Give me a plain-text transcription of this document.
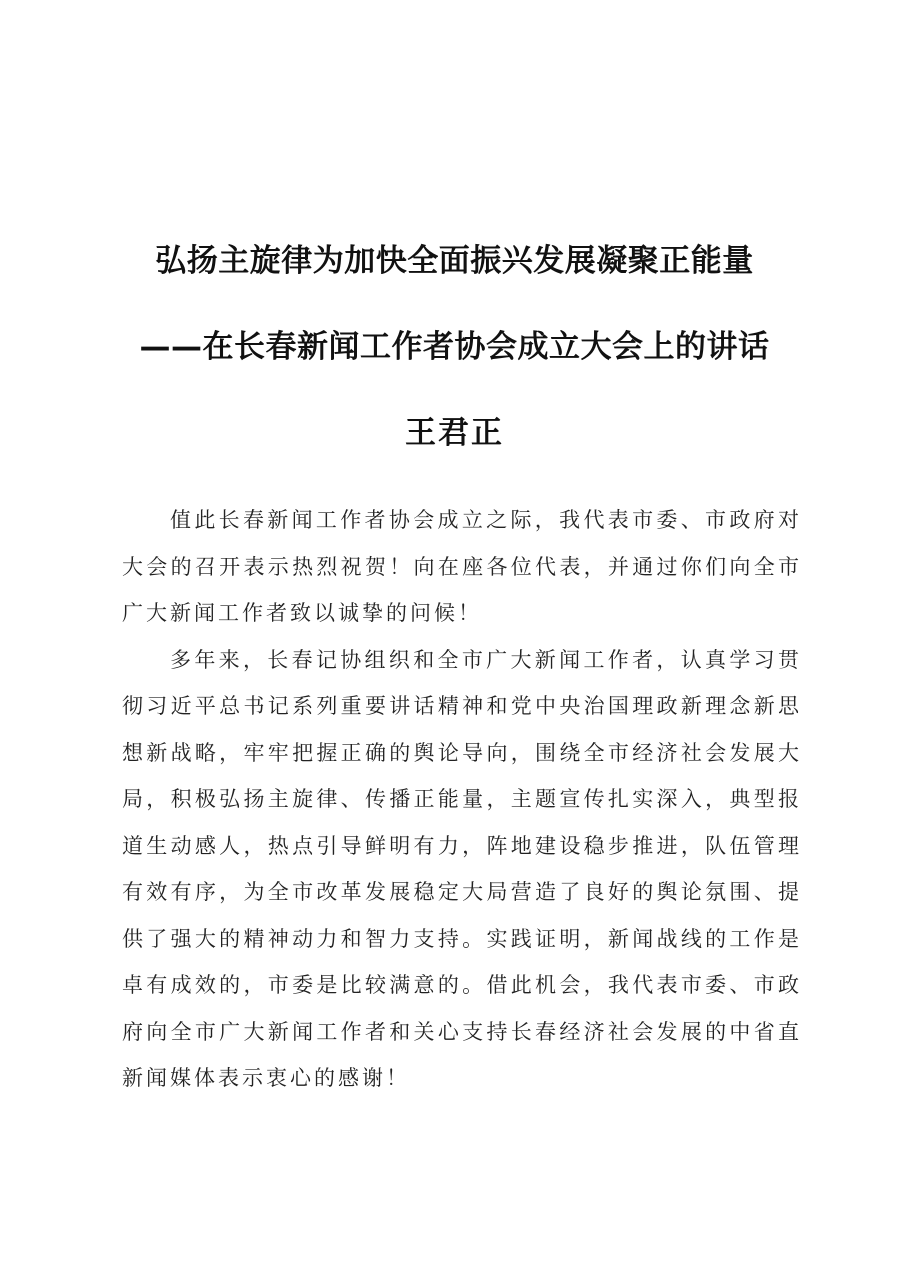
弘扬主旋律为加快全面振兴发展凝聚正能量
——在长春新闻工作者协会成立大会上的讲话
王君正

值此长春新闻工作者协会成立之际，我代表市委、市政府对大会的召开表示热烈祝贺！向在座各位代表，并通过你们向全市广大新闻工作者致以诚挚的问候！

多年来，长春记协组织和全市广大新闻工作者，认真学习贯彻习近平总书记系列重要讲话精神和党中央治国理政新理念新思想新战略，牢牢把握正确的舆论导向，围绕全市经济社会发展大局，积极弘扬主旋律、传播正能量，主题宣传扎实深入，典型报道生动感人，热点引导鲜明有力，阵地建设稳步推进，队伍管理有效有序，为全市改革发展稳定大局营造了良好的舆论氛围、提供了强大的精神动力和智力支持。实践证明，新闻战线的工作是卓有成效的，市委是比较满意的。借此机会，我代表市委、市政府向全市广大新闻工作者和关心支持长春经济社会发展的中省直新闻媒体表示衷心的感谢！
